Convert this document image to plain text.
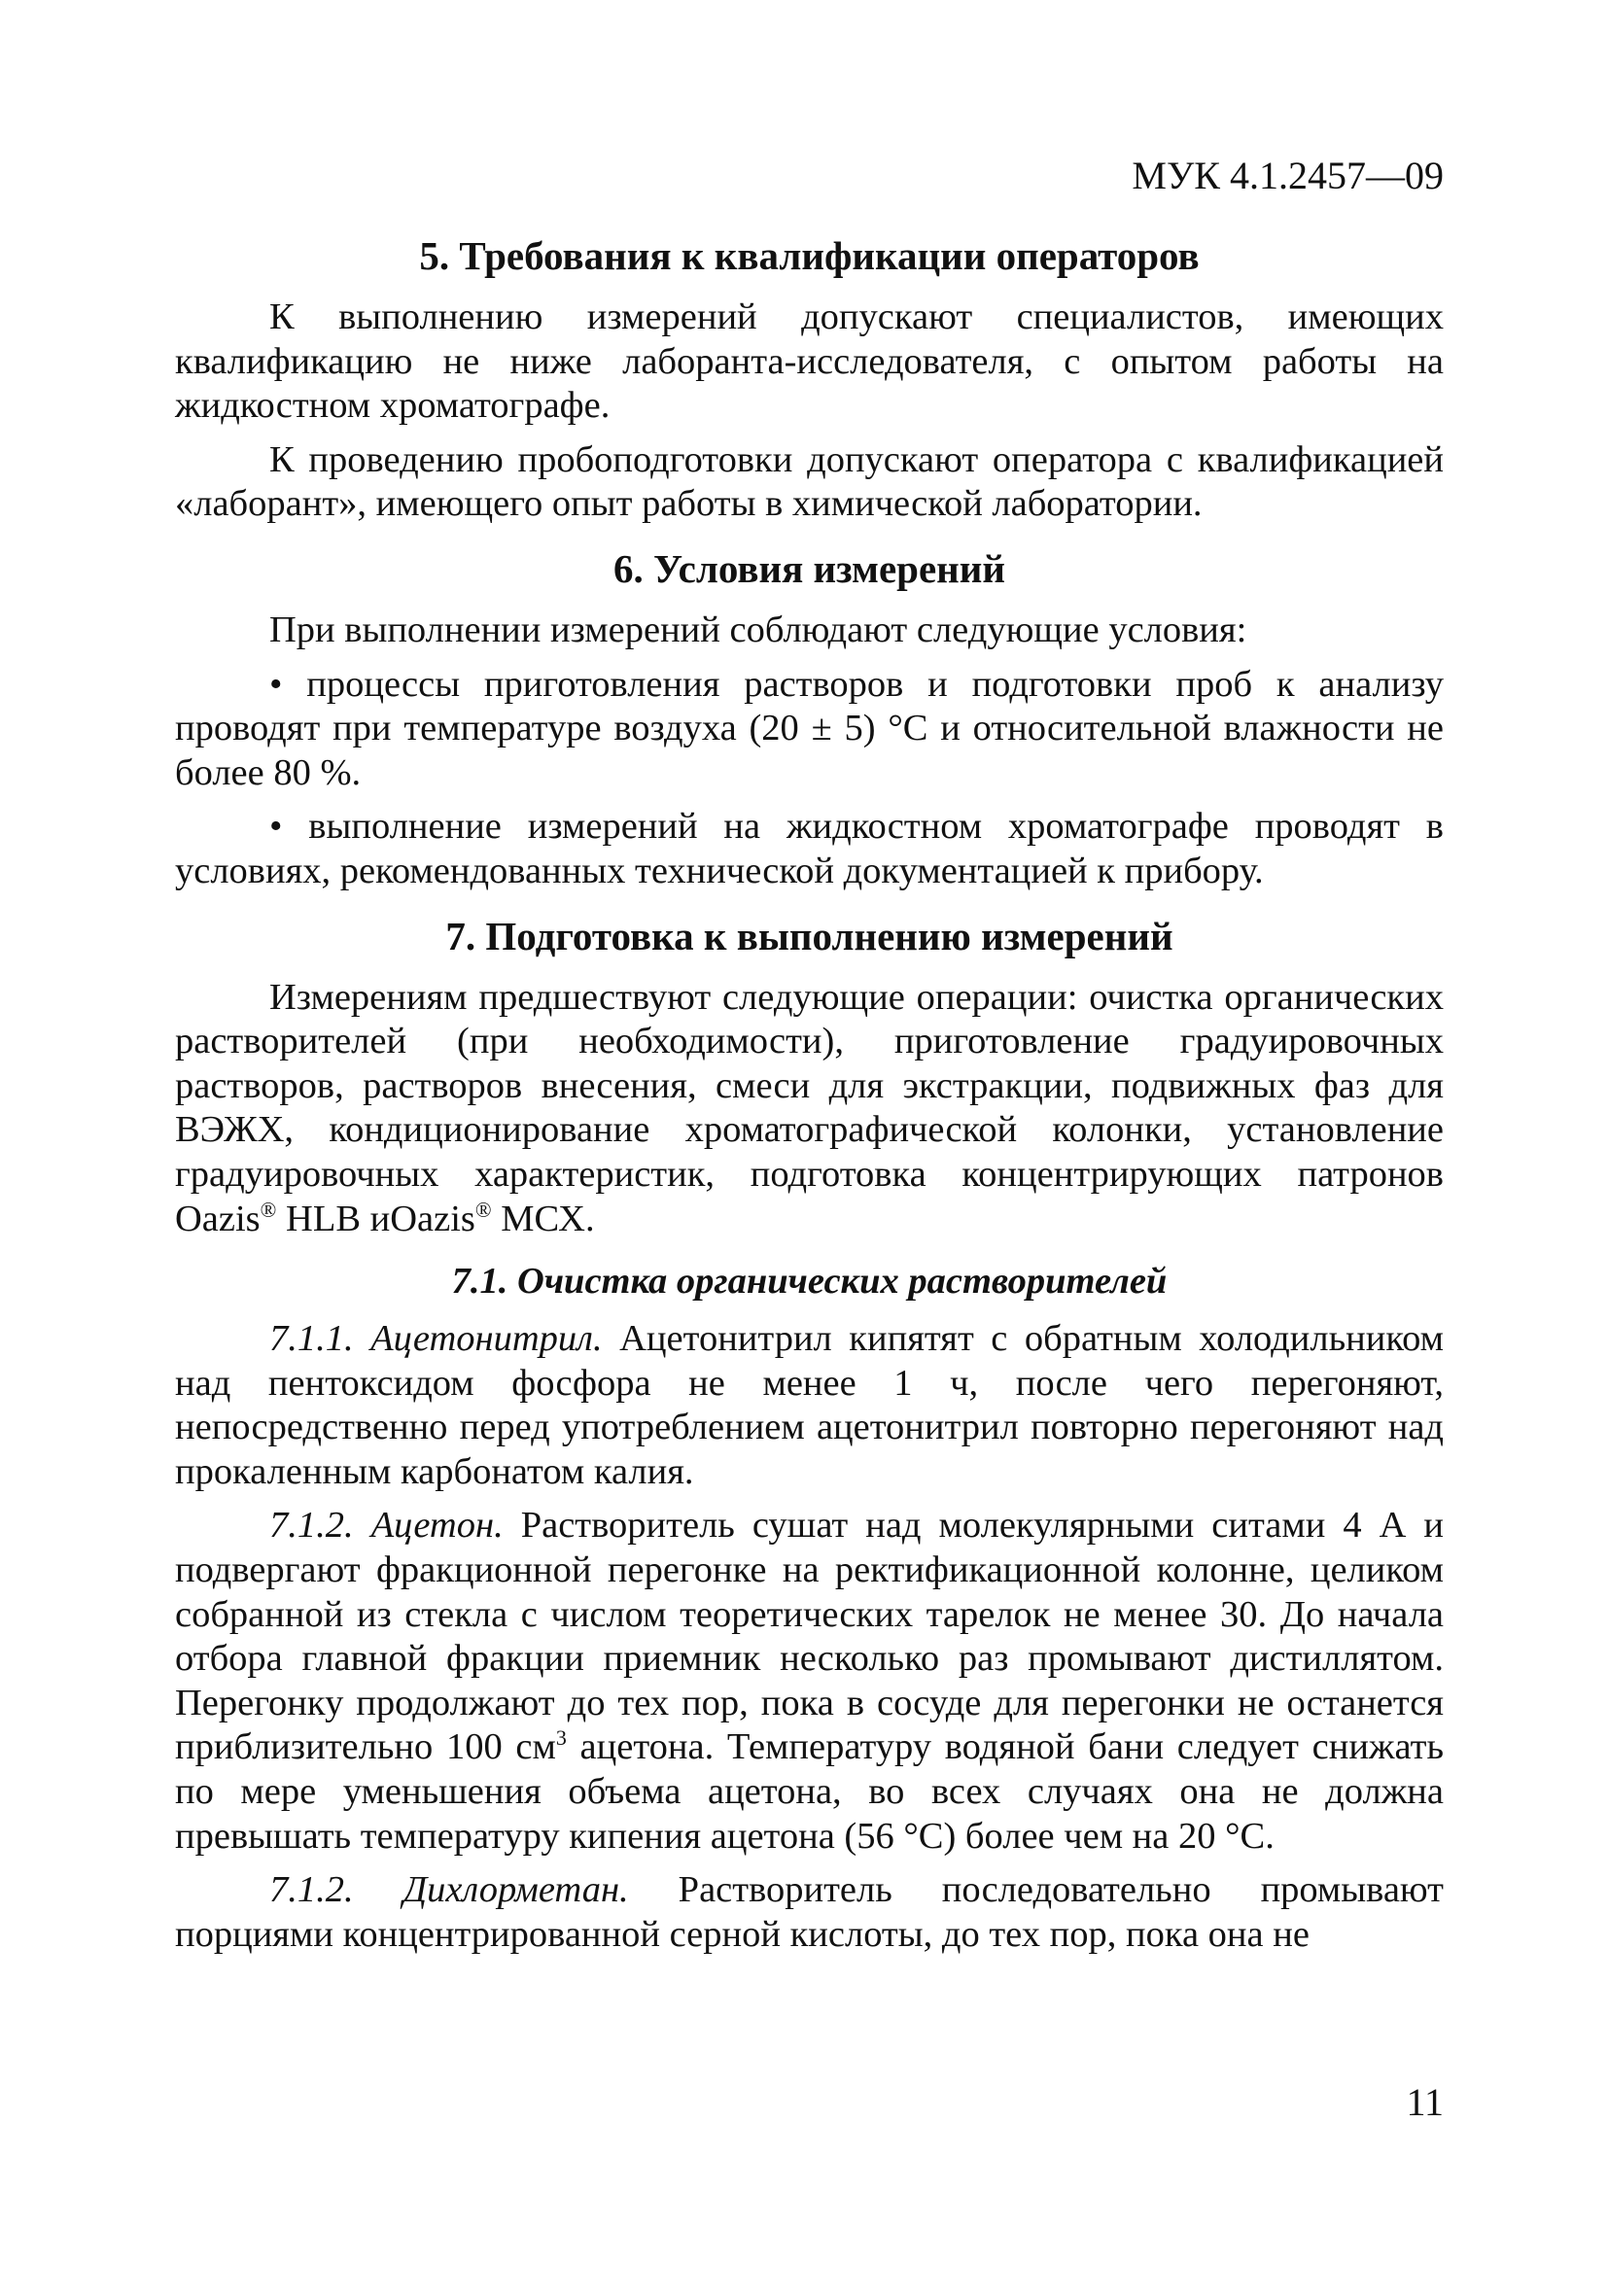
МУК 4.1.2457—09
5. Требования к квалификации операторов

К выполнению измерений допускают специалистов, имеющих квалификацию не ниже лаборанта-исследователя, с опытом работы на жидкостном хроматографе.

К проведению пробоподготовки допускают оператора с квалификацией «лаборант», имеющего опыт работы в химической лаборатории.

6. Условия измерений

При выполнении измерений соблюдают следующие условия:

• процессы приготовления растворов и подготовки проб к анализу проводят при температуре воздуха (20 ± 5) °С и относительной влажности не более 80 %.

• выполнение измерений на жидкостном хроматографе проводят в условиях, рекомендованных технической документацией к прибору.

7. Подготовка к выполнению измерений

Измерениям предшествуют следующие операции: очистка органических растворителей (при необходимости), приготовление градуировочных растворов, растворов внесения, смеси для экстракции, подвижных фаз для ВЭЖХ, кондиционирование хроматографической колонки, установление градуировочных характеристик, подготовка концентрирующих патронов Oazis® HLB иOazis® МСХ.

7.1. Очистка органических растворителей

7.1.1. Ацетонитрил. Ацетонитрил кипятят с обратным холодильником над пентоксидом фосфора не менее 1 ч, после чего перегоняют, непосредственно перед употреблением ацетонитрил повторно перегоняют над прокаленным карбонатом калия.

7.1.2. Ацетон. Растворитель сушат над молекулярными ситами 4 А и подвергают фракционной перегонке на ректификационной колонне, целиком собранной из стекла с числом теоретических тарелок не менее 30. До начала отбора главной фракции приемник несколько раз промывают дистиллятом. Перегонку продолжают до тех пор, пока в сосуде для перегонки не останется приблизительно 100 $см^3$ ацетона. Температуру водяной бани следует снижать по мере уменьшения объема ацетона, во всех случаях она не должна превышать температуру кипения ацетона (56 °С) более чем на 20 °С.

7.1.2. Дихлорметан. Растворитель последовательно промывают порциями концентрированной серной кислоты, до тех пор, пока она не

11
